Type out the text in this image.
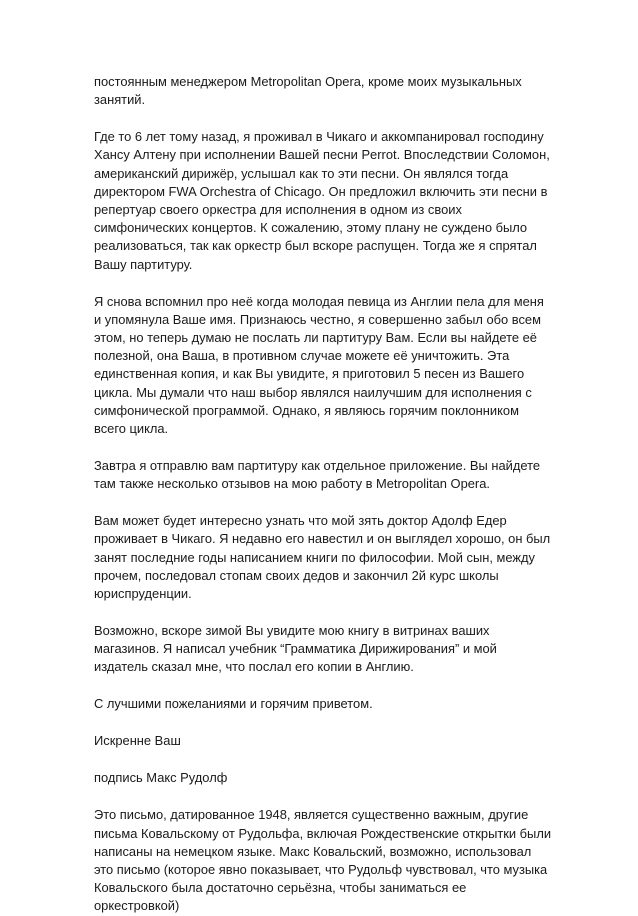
постоянным менеджером Metropolitan Opera, кроме моих музыкальных занятий.

Где то 6 лет тому назад, я проживал в Чикаго и аккомпанировал господину Хансу Алтену при исполнении Вашей песни Perrot. Впоследствии Соломон, американский дирижёр, услышал как то эти песни. Он являлся тогда директором FWA Orchestra of Chicago. Он предложил включить эти песни в репертуар своего оркестра для исполнения в одном из своих симфонических концертов. К сожалению, этому плану не суждено было реализоваться, так как оркестр был вскоре распущен. Тогда же я спрятал Вашу партитуру.

Я снова вспомнил про неё когда молодая певица из Англии пела для меня и упомянула Ваше имя. Признаюсь честно, я совершенно забыл обо всем этом, но теперь думаю не послать ли партитуру Вам. Если вы найдете её полезной, она Ваша, в противном случае можете её уничтожить. Эта единственная копия, и как Вы увидите, я приготовил 5 песен из Вашего цикла. Мы думали что наш выбор являлся наилучшим для исполнения с симфонической программой. Однако, я являюсь горячим поклонником всего цикла.

Завтра я отправлю вам партитуру как отдельное приложение. Вы найдете там также несколько отзывов на мою работу в Metropolitan Opera.

Вам может будет интересно узнать что мой зять доктор Адолф Едер проживает в Чикаго. Я недавно его навестил и он выглядел хорошо, он был занят последние годы написанием книги по философии. Мой сын, между прочем, последовал стопам своих дедов и закончил 2й курс школы юриспруденции.

Возможно, вскоре зимой Вы увидите мою книгу в витринах ваших магазинов. Я написал учебник “Грамматика Дирижирования” и мой издатель сказал мне, что послал его копии в Англию.

С лучшими пожеланиями и горячим приветом.

Искренне Ваш

подпись Макс Рудолф

Это письмо, датированное 1948, является существенно важным, другие письма Ковальскому от Рудольфа, включая Рождественские открытки были написаны на немецком языке. Макс Ковальский, возможно, использовал это письмо (которое явно показывает, что Рудольф чувствовал, что музыка Ковальского была достаточно серьёзна, чтобы заниматься ее оркестровкой)
